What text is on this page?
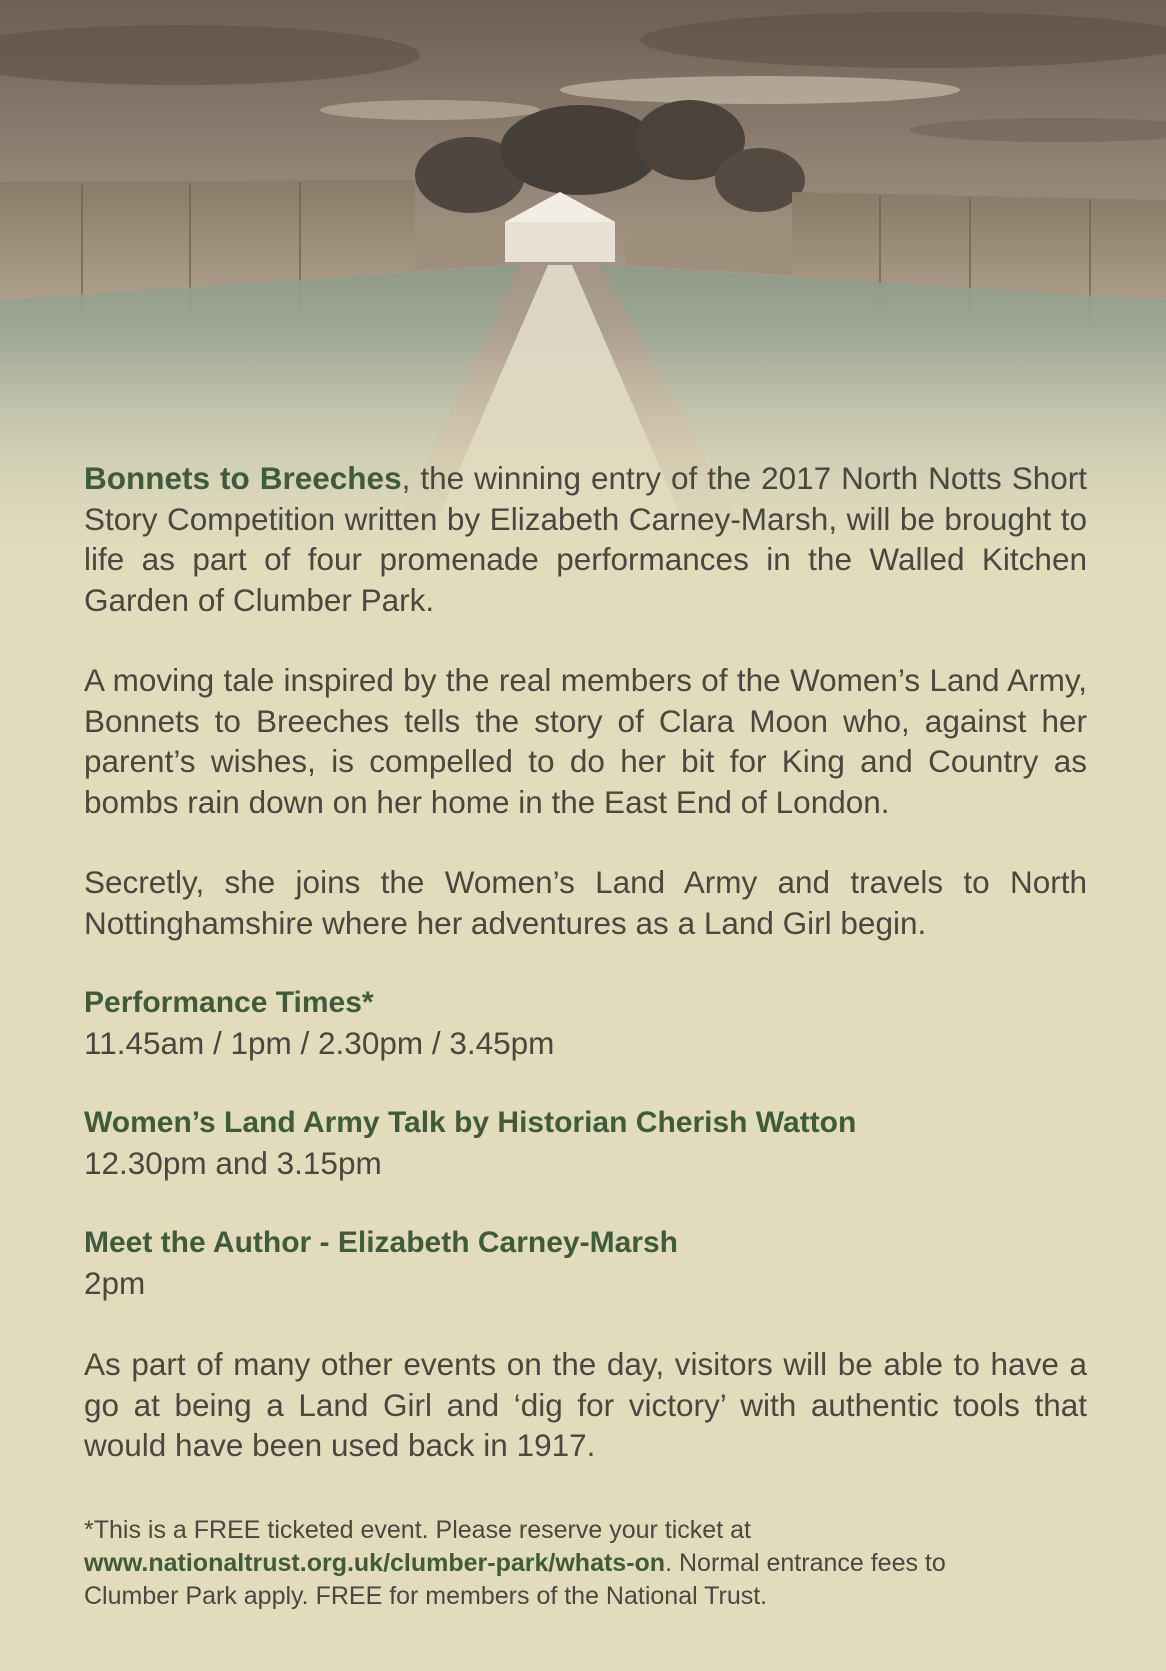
Bonnets to Breeches, the winning entry of the 2017 North Notts Short Story Competition written by Elizabeth Carney-Marsh, will be brought to life as part of four promenade performances in the Walled Kitchen Garden of Clumber Park.

A moving tale inspired by the real members of the Women’s Land Army, Bonnets to Breeches tells the story of Clara Moon who, against her parent’s wishes, is compelled to do her bit for King and Country as bombs rain down on her home in the East End of London.

Secretly, she joins the Women’s Land Army and travels to North Nottinghamshire where her adventures as a Land Girl begin.

Performance Times*

11.45am / 1pm / 2.30pm / 3.45pm

Women’s Land Army Talk by Historian Cherish Watton

12.30pm and 3.15pm

Meet the Author - Elizabeth Carney-Marsh

2pm

As part of many other events on the day, visitors will be able to have a go at being a Land Girl and ‘dig for victory’ with authentic tools that would have been used back in 1917.

*This is a FREE ticketed event. Please reserve your ticket at
www.nationaltrust.org.uk/clumber-park/whats-on. Normal entrance fees to
Clumber Park apply. FREE for members of the National Trust.
